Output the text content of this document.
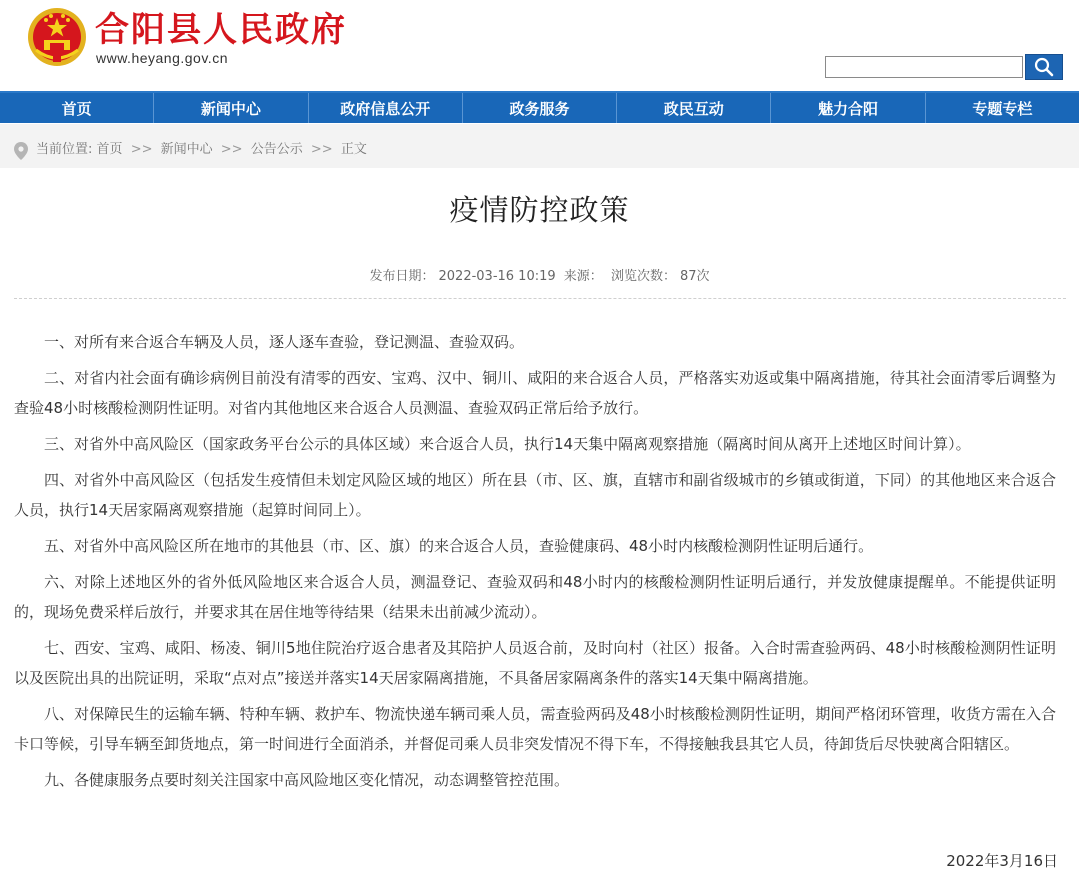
合阳县人民政府
www.heyang.gov.cn
首页	新闻中心	政府信息公开	政务服务	政民互动	魅力合阳	专题专栏
当前位置: 首页 >> 新闻中心 >> 公告公示 >> 正文
疫情防控政策
发布日期： 2022-03-16 10:19 来源： 浏览次数： 87次

一、对所有来合返合车辆及人员，逐人逐车查验，登记测温、查验双码。

二、对省内社会面有确诊病例目前没有清零的西安、宝鸡、汉中、铜川、咸阳的来合返合人员，严格落实劝返或集中隔离措施，待其社会面清零后调整为查验48小时核酸检测阴性证明。对省内其他地区来合返合人员测温、查验双码正常后给予放行。

三、对省外中高风险区（国家政务平台公示的具体区域）来合返合人员，执行14天集中隔离观察措施（隔离时间从离开上述地区时间计算）。

四、对省外中高风险区（包括发生疫情但未划定风险区域的地区）所在县（市、区、旗，直辖市和副省级城市的乡镇或街道，下同）的其他地区来合返合人员，执行14天居家隔离观察措施（起算时间同上）。

五、对省外中高风险区所在地市的其他县（市、区、旗）的来合返合人员，查验健康码、48小时内核酸检测阴性证明后通行。

六、对除上述地区外的省外低风险地区来合返合人员，测温登记、查验双码和48小时内的核酸检测阴性证明后通行，并发放健康提醒单。不能提供证明的，现场免费采样后放行，并要求其在居住地等待结果（结果未出前减少流动）。

七、西安、宝鸡、咸阳、杨凌、铜川5地住院治疗返合患者及其陪护人员返合前，及时向村（社区）报备。入合时需查验两码、48小时核酸检测阴性证明以及医院出具的出院证明，采取“点对点”接送并落实14天居家隔离措施，不具备居家隔离条件的落实14天集中隔离措施。

八、对保障民生的运输车辆、特种车辆、救护车、物流快递车辆司乘人员，需查验两码及48小时核酸检测阴性证明，期间严格闭环管理，收货方需在入合卡口等候，引导车辆至卸货地点，第一时间进行全面消杀，并督促司乘人员非突发情况不得下车，不得接触我县其它人员，待卸货后尽快驶离合阳辖区。

九、各健康服务点要时刻关注国家中高风险地区变化情况，动态调整管控范围。

2022年3月16日
